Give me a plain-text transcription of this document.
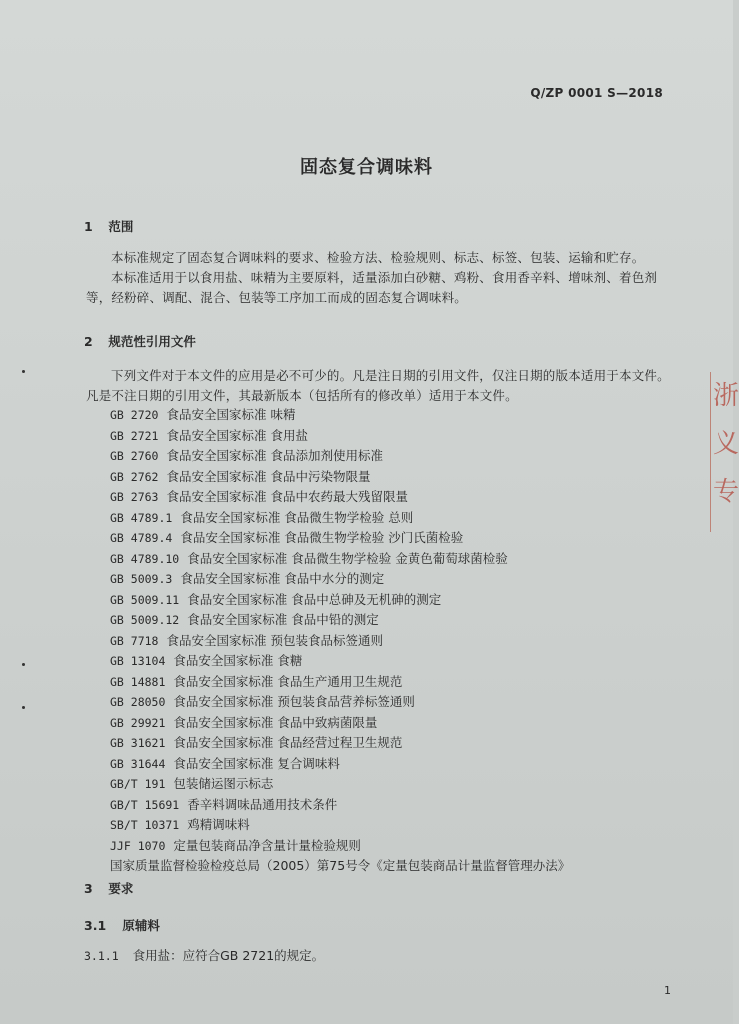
Q/ZP 0001 S—2018
固态复合调味料
1 范围

本标准规定了固态复合调味料的要求、检验方法、检验规则、标志、标签、包装、运输和贮存。

本标准适用于以食用盐、味精为主要原料，适量添加白砂糖、鸡粉、食用香辛料、增味剂、着色剂等，经粉碎、调配、混合、包装等工序加工而成的固态复合调味料。

2 规范性引用文件

下列文件对于本文件的应用是必不可少的。凡是注日期的引用文件，仅注日期的版本适用于本文件。凡是不注日期的引用文件，其最新版本（包括所有的修改单）适用于本文件。

GB 2720 食品安全国家标准 味精
GB 2721 食品安全国家标准 食用盐
GB 2760 食品安全国家标准 食品添加剂使用标准
GB 2762 食品安全国家标准 食品中污染物限量
GB 2763 食品安全国家标准 食品中农药最大残留限量
GB 4789.1 食品安全国家标准 食品微生物学检验 总则
GB 4789.4 食品安全国家标准 食品微生物学检验 沙门氏菌检验
GB 4789.10 食品安全国家标准 食品微生物学检验 金黄色葡萄球菌检验
GB 5009.3 食品安全国家标准 食品中水分的测定
GB 5009.11 食品安全国家标准 食品中总砷及无机砷的测定
GB 5009.12 食品安全国家标准 食品中铅的测定
GB 7718 食品安全国家标准 预包装食品标签通则
GB 13104 食品安全国家标准 食糖
GB 14881 食品安全国家标准 食品生产通用卫生规范
GB 28050 食品安全国家标准 预包装食品营养标签通则
GB 29921 食品安全国家标准 食品中致病菌限量
GB 31621 食品安全国家标准 食品经营过程卫生规范
GB 31644 食品安全国家标准 复合调味料
GB/T 191 包装储运图示标志
GB/T 15691 香辛料调味品通用技术条件
SB/T 10371 鸡精调味料
JJF 1070 定量包装商品净含量计量检验规则
国家质量监督检验检疫总局（2005）第75号令《定量包装商品计量监督管理办法》
3 要求
3.1 原辅料
3.1.1 食用盐：应符合GB 2721的规定。
1
浙
义
专
